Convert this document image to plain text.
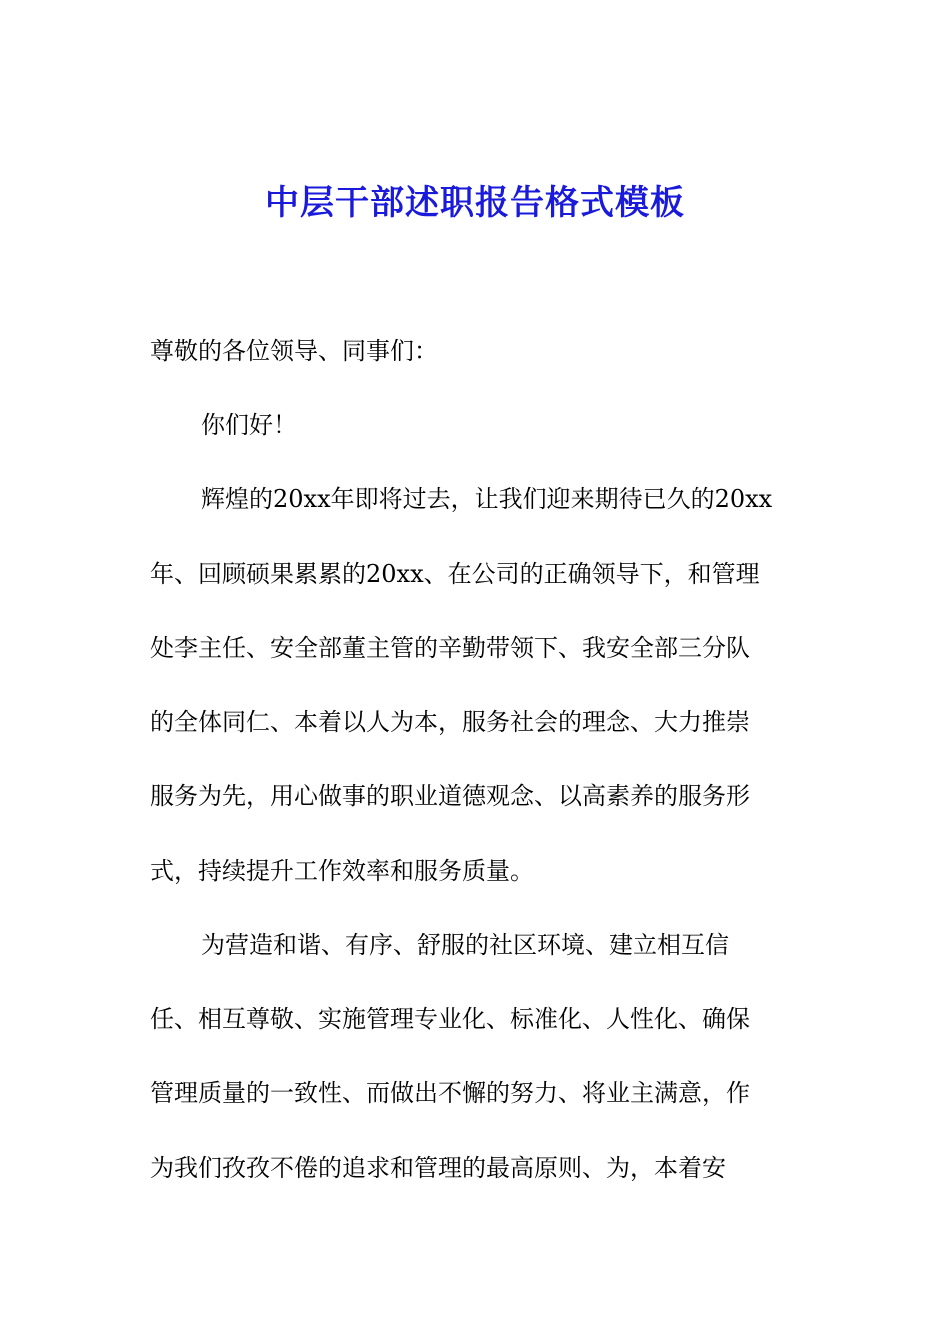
中层干部述职报告格式模板
尊敬的各位领导、同事们：
你们好！
辉煌的20xx年即将过去，让我们迎来期待已久的20xx
年、回顾硕果累累的20xx、在公司的正确领导下，和管理
处李主任、安全部董主管的辛勤带领下、我安全部三分队
的全体同仁、本着以人为本，服务社会的理念、大力推崇
服务为先，用心做事的职业道德观念、以高素养的服务形
式，持续提升工作效率和服务质量。
为营造和谐、有序、舒服的社区环境、建立相互信
任、相互尊敬、实施管理专业化、标准化、人性化、确保
管理质量的一致性、而做出不懈的努力、将业主满意，作
为我们孜孜不倦的追求和管理的最高原则、为，本着安
